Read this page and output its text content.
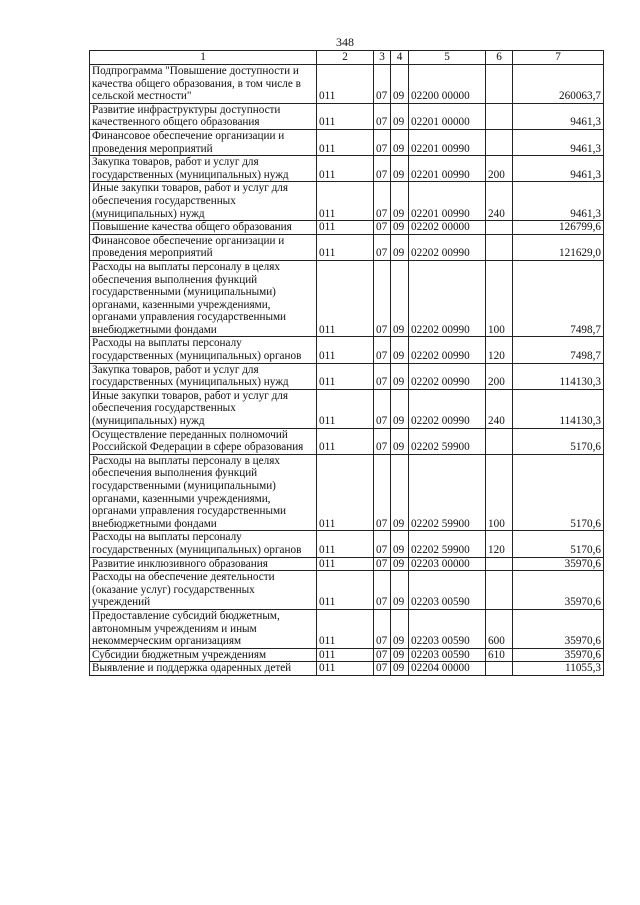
348
1	2	3	4	5	6	7
Подпрограмма "Повышение доступности и качества общего образования, в том числе в сельской местности"	011	07	09	02200 00000		260063,7
Развитие инфраструктуры доступности качественного общего образования	011	07	09	02201 00000		9461,3
Финансовое обеспечение организации и проведения мероприятий	011	07	09	02201 00990		9461,3
Закупка товаров, работ и услуг для государственных (муниципальных) нужд	011	07	09	02201 00990	200	9461,3
Иные закупки товаров, работ и услуг для обеспечения государственных (муниципальных) нужд	011	07	09	02201 00990	240	9461,3
Повышение качества общего образования	011	07	09	02202 00000		126799,6
Финансовое обеспечение организации и проведения мероприятий	011	07	09	02202 00990		121629,0
Расходы на выплаты персоналу в целях обеспечения выполнения функций государственными (муниципальными) органами, казенными учреждениями, органами управления государственными внебюджетными фондами	011	07	09	02202 00990	100	7498,7
Расходы на выплаты персоналу государственных (муниципальных) органов	011	07	09	02202 00990	120	7498,7
Закупка товаров, работ и услуг для государственных (муниципальных) нужд	011	07	09	02202 00990	200	114130,3
Иные закупки товаров, работ и услуг для обеспечения государственных (муниципальных) нужд	011	07	09	02202 00990	240	114130,3
Осуществление переданных полномочий Российской Федерации в сфере образования	011	07	09	02202 59900		5170,6
Расходы на выплаты персоналу в целях обеспечения выполнения функций государственными (муниципальными) органами, казенными учреждениями, органами управления государственными внебюджетными фондами	011	07	09	02202 59900	100	5170,6
Расходы на выплаты персоналу государственных (муниципальных) органов	011	07	09	02202 59900	120	5170,6
Развитие инклюзивного образования	011	07	09	02203 00000		35970,6
Расходы на обеспечение деятельности (оказание услуг) государственных учреждений	011	07	09	02203 00590		35970,6
Предоставление субсидий бюджетным, автономным учреждениям и иным некоммерческим организациям	011	07	09	02203 00590	600	35970,6
Субсидии бюджетным учреждениям	011	07	09	02203 00590	610	35970,6
Выявление и поддержка одаренных детей	011	07	09	02204 00000		11055,3
